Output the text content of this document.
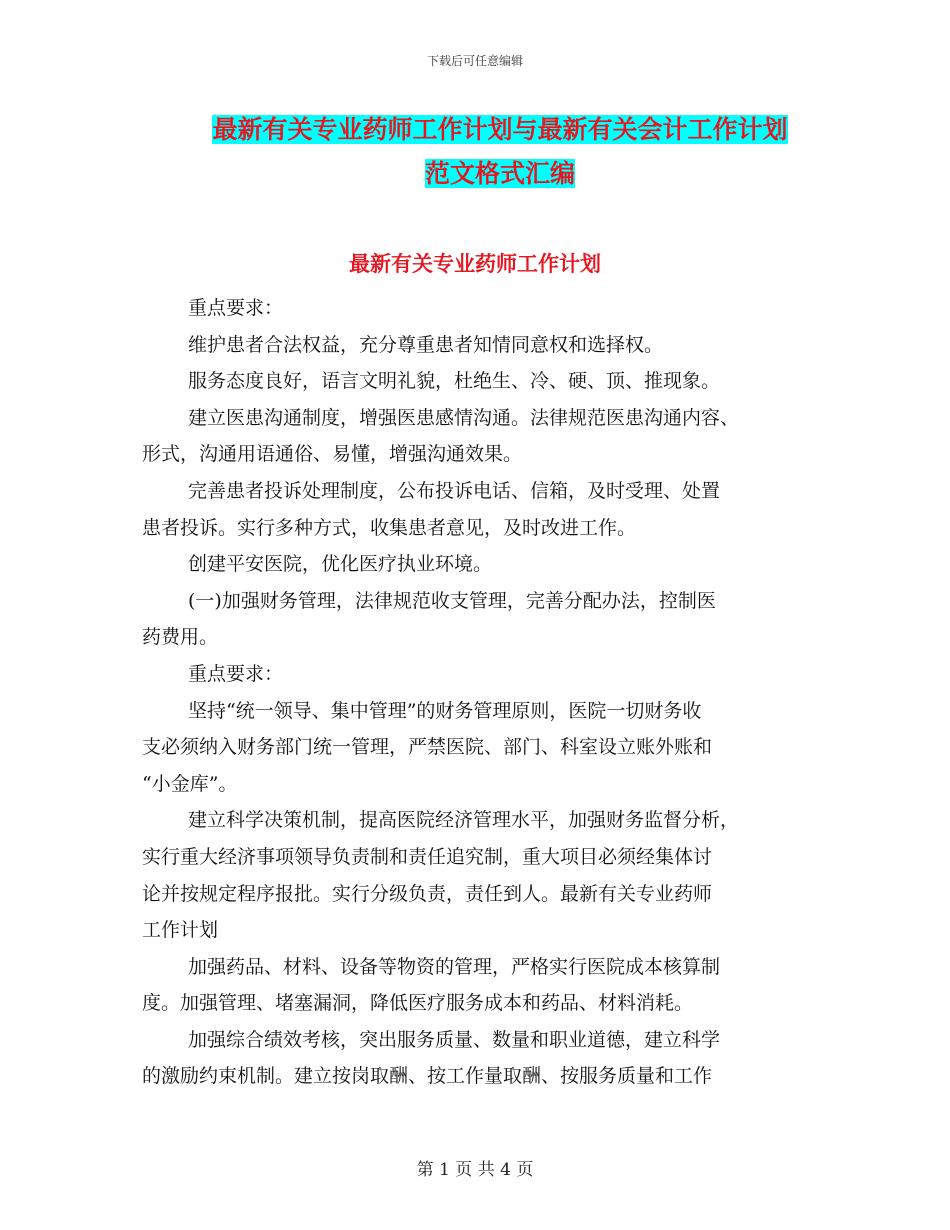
下载后可任意编辑
最新有关专业药师工作计划与最新有关会计工作计划
范文格式汇编
最新有关专业药师工作计划
重点要求：
维护患者合法权益，充分尊重患者知情同意权和选择权。
服务态度良好，语言文明礼貌，杜绝生、冷、硬、顶、推现象。
建立医患沟通制度，增强医患感情沟通。法律规范医患沟通内容、
形式，沟通用语通俗、易懂，增强沟通效果。
完善患者投诉处理制度，公布投诉电话、信箱，及时受理、处置
患者投诉。实行多种方式，收集患者意见，及时改进工作。
创建平安医院，优化医疗执业环境。
(一)加强财务管理，法律规范收支管理，完善分配办法，控制医
药费用。
重点要求：
坚持“统一领导、集中管理”的财务管理原则，医院一切财务收
支必须纳入财务部门统一管理，严禁医院、部门、科室设立账外账和
“小金库”。
建立科学决策机制，提高医院经济管理水平，加强财务监督分析，
实行重大经济事项领导负责制和责任追究制，重大项目必须经集体讨
论并按规定程序报批。实行分级负责，责任到人。最新有关专业药师
工作计划
加强药品、材料、设备等物资的管理，严格实行医院成本核算制
度。加强管理、堵塞漏洞，降低医疗服务成本和药品、材料消耗。
加强综合绩效考核，突出服务质量、数量和职业道德，建立科学
的激励约束机制。建立按岗取酬、按工作量取酬、按服务质量和工作
第 1 页 共 4 页
